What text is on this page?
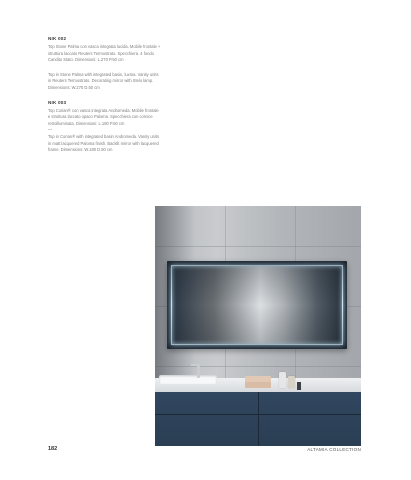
NIK 002

Top Stone Palma con vasca integrata lucida. Mobile frontale +
struttura laccato Reuters Termostrato. Specchiera. 4 fondo
Candito Stato. Dimensioni: L.270 P.50 cm

Top in Stone Palma with integrated basin, luxma. Vanity units
in Reuters Termostrato. Decorating mirror with Stelo lamp.
Dimensions: W.270 D.50 cm

NIK 003

Top Corian® con vasca integrata Andromeda. Mobile frontale
e struttura laccato opaco Paloma. Specchiera con cornice
retroilluminata. Dimensioni: L.180 P.50 cm

—

Top in Corian® with integrated basin Andromeda. Vanity units
in matt lacquered Paloma finish. Backlit mirror with lacquered
frame. Dimensions: W.180 D.50 cm

182	ALTAMIA COLLECTION
